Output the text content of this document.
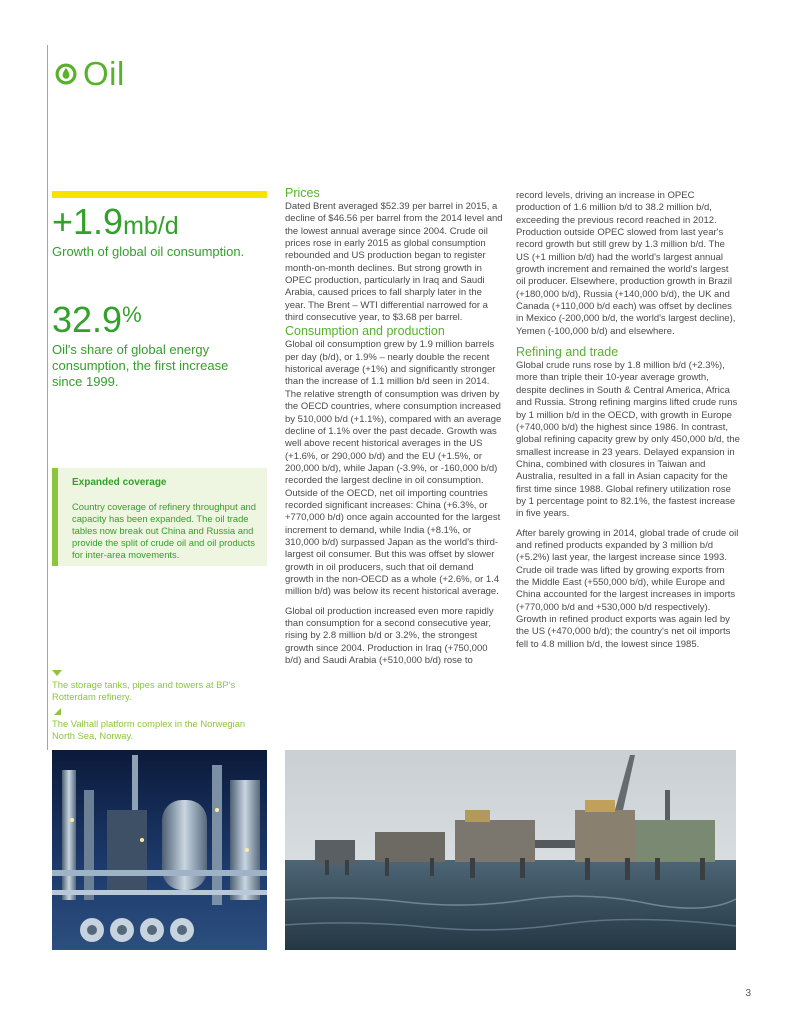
Oil
+1.9mb/d
Growth of global oil consumption.
32.9%
Oil's share of global energy consumption, the first increase since 1999.
Expanded coverage
Country coverage of refinery throughput and capacity has been expanded. The oil trade tables now break out China and Russia and provide the split of crude oil and oil products for inter-area movements.
The storage tanks, pipes and towers at BP's Rotterdam refinery.
The Valhall platform complex in the Norwegian North Sea, Norway.
Prices

Dated Brent averaged $52.39 per barrel in 2015, a decline of $46.56 per barrel from the 2014 level and the lowest annual average since 2004. Crude oil prices rose in early 2015 as global consumption rebounded and US production began to register month-on-month declines. But strong growth in OPEC production, particularly in Iraq and Saudi Arabia, caused prices to fall sharply later in the year. The Brent – WTI differential narrowed for a third consecutive year, to $3.68 per barrel.

Consumption and production

Global oil consumption grew by 1.9 million barrels per day (b/d), or 1.9% – nearly double the recent historical average (+1%) and significantly stronger than the increase of 1.1 million b/d seen in 2014. The relative strength of consumption was driven by the OECD countries, where consumption increased by 510,000 b/d (+1.1%), compared with an average decline of 1.1% over the past decade. Growth was well above recent historical averages in the US (+1.6%, or 290,000 b/d) and the EU (+1.5%, or 200,000 b/d), while Japan (-3.9%, or -160,000 b/d) recorded the largest decline in oil consumption. Outside of the OECD, net oil importing countries recorded significant increases: China (+6.3%, or +770,000 b/d) once again accounted for the largest increment to demand, while India (+8.1%, or 310,000 b/d) surpassed Japan as the world's third-largest oil consumer. But this was offset by slower growth in oil producers, such that oil demand growth in the non-OECD as a whole (+2.6%, or 1.4 million b/d) was below its recent historical average.

Global oil production increased even more rapidly than consumption for a second consecutive year, rising by 2.8 million b/d or 3.2%, the strongest growth since 2004. Production in Iraq (+750,000 b/d) and Saudi Arabia (+510,000 b/d) rose to

record levels, driving an increase in OPEC production of 1.6 million b/d to 38.2 million b/d, exceeding the previous record reached in 2012. Production outside OPEC slowed from last year's record growth but still grew by 1.3 million b/d. The US (+1 million b/d) had the world's largest annual growth increment and remained the world's largest oil producer. Elsewhere, production growth in Brazil (+180,000 b/d), Russia (+140,000 b/d), the UK and Canada (+110,000 b/d each) was offset by declines in Mexico (-200,000 b/d, the world's largest decline), Yemen (-100,000 b/d) and elsewhere.

Refining and trade

Global crude runs rose by 1.8 million b/d (+2.3%), more than triple their 10-year average growth, despite declines in South & Central America, Africa and Russia. Strong refining margins lifted crude runs by 1 million b/d in the OECD, with growth in Europe (+740,000 b/d) the highest since 1986. In contrast, global refining capacity grew by only 450,000 b/d, the smallest increase in 23 years. Delayed expansion in China, combined with closures in Taiwan and Australia, resulted in a fall in Asian capacity for the first time since 1988. Global refinery utilization rose by 1 percentage point to 82.1%, the fastest increase in five years.

After barely growing in 2014, global trade of crude oil and refined products expanded by 3 million b/d (+5.2%) last year, the largest increase since 1993. Crude oil trade was lifted by growing exports from the Middle East (+550,000 b/d), while Europe and China accounted for the largest increases in imports (+770,000 b/d and +530,000 b/d respectively). Growth in refined product exports was again led by the US (+470,000 b/d); the country's net oil imports fell to 4.8 million b/d, the lowest since 1985.

3
